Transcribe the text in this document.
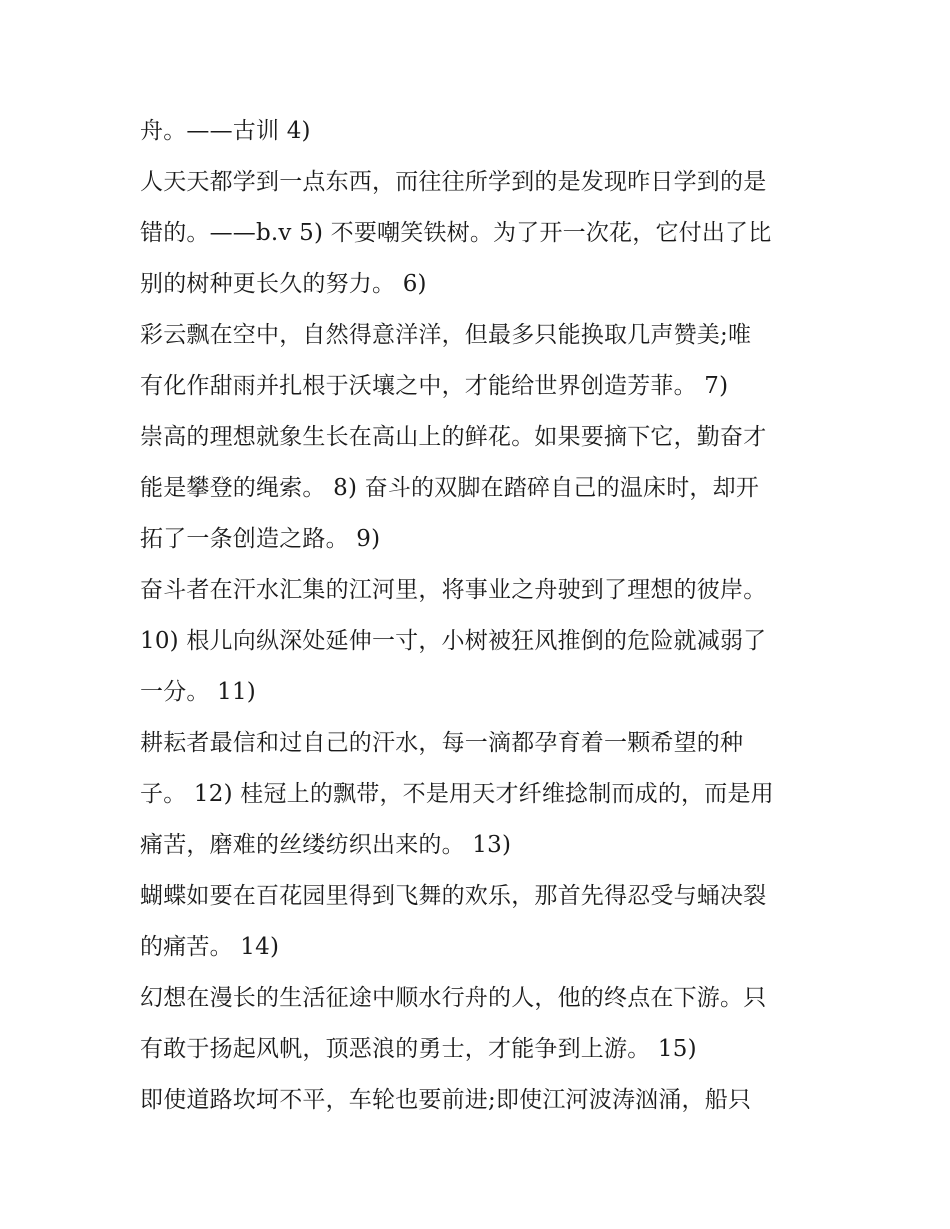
舟。——古训 4)
人天天都学到一点东西，而往往所学到的是发现昨日学到的是
错的。——b.v 5) 不要嘲笑铁树。为了开一次花，它付出了比
别的树种更长久的努力。 6)
彩云飘在空中，自然得意洋洋，但最多只能换取几声赞美;唯
有化作甜雨并扎根于沃壤之中，才能给世界创造芳菲。 7)
崇高的理想就象生长在高山上的鲜花。如果要摘下它，勤奋才
能是攀登的绳索。 8) 奋斗的双脚在踏碎自己的温床时，却开
拓了一条创造之路。 9)
奋斗者在汗水汇集的江河里，将事业之舟驶到了理想的彼岸。
10) 根儿向纵深处延伸一寸，小树被狂风推倒的危险就减弱了
一分。 11)
耕耘者最信和过自己的汗水，每一滴都孕育着一颗希望的种
子。 12) 桂冠上的飘带，不是用天才纤维捻制而成的，而是用
痛苦，磨难的丝缕纺织出来的。 13)
蝴蝶如要在百花园里得到飞舞的欢乐，那首先得忍受与蛹决裂
的痛苦。 14)
幻想在漫长的生活征途中顺水行舟的人，他的终点在下游。只
有敢于扬起风帆，顶恶浪的勇士，才能争到上游。 15)
即使道路坎坷不平，车轮也要前进;即使江河波涛汹涌，船只
